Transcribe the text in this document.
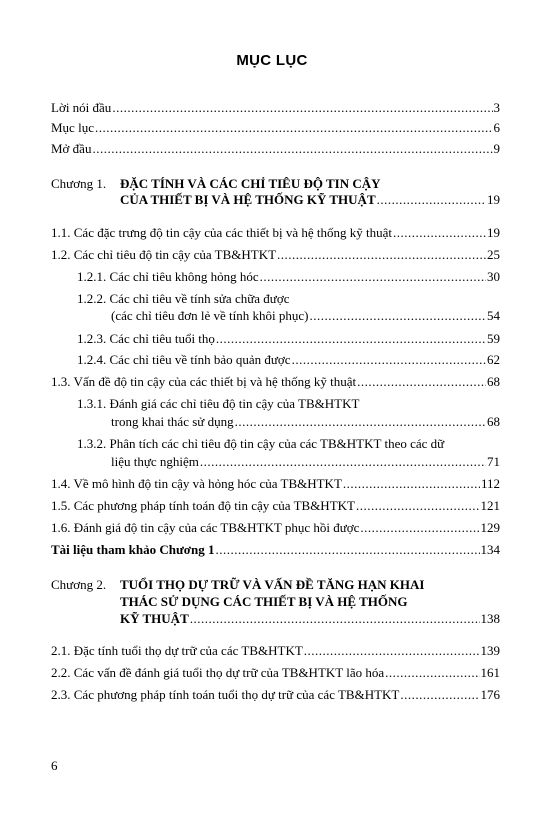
MỤC LỤC
Lời nói đầu .....	3
Mục lục .....	6
Mở đầu .....	9
Chương 1. ĐẶC TÍNH VÀ CÁC CHỈ TIÊU ĐỘ TIN CẬY
CỦA THIẾT BỊ VÀ HỆ THỐNG KỸ THUẬT .....	19
1.1. Các đặc trưng độ tin cậy của các thiết bị và hệ thống kỹ thuật .....	19
1.2. Các chỉ tiêu độ tin cậy của TB&HTKT .....	25
1.2.1. Các chỉ tiêu không hỏng hóc .....	30
1.2.2. Các chỉ tiêu về tính sửa chữa được
(các chỉ tiêu đơn lẻ về tính khôi phục) .....	54
1.2.3. Các chỉ tiêu tuổi thọ .....	59
1.2.4. Các chỉ tiêu về tính bảo quản được .....	62
1.3. Vấn đề độ tin cậy của các thiết bị và hệ thống kỹ thuật .....	68
1.3.1. Đánh giá các chỉ tiêu độ tin cậy của TB&HTKT
trong khai thác sử dụng .....	68
1.3.2. Phân tích các chỉ tiêu độ tin cậy của các TB&HTKT theo các dữ
liệu thực nghiệm .....	71
1.4. Về mô hình độ tin cậy và hỏng hóc của TB&HTKT .....	112
1.5. Các phương pháp tính toán độ tin cậy của TB&HTKT .....	121
1.6. Đánh giá độ tin cậy của các TB&HTKT phục hồi được .....	129
Tài liệu tham khảo Chương 1 .....	134
Chương 2. TUỔI THỌ DỰ TRỮ VÀ VẤN ĐỀ TĂNG HẠN KHAI
THÁC SỬ DỤNG CÁC THIẾT BỊ VÀ HỆ THỐNG
KỸ THUẬT .....	138
2.1. Đặc tính tuổi thọ dự trữ của các TB&HTKT .....	139
2.2. Các vấn đề đánh giá tuổi thọ dự trữ của TB&HTKT lão hóa .....	161
2.3. Các phương pháp tính toán tuổi thọ dự trữ của các TB&HTKT .....	176
6
